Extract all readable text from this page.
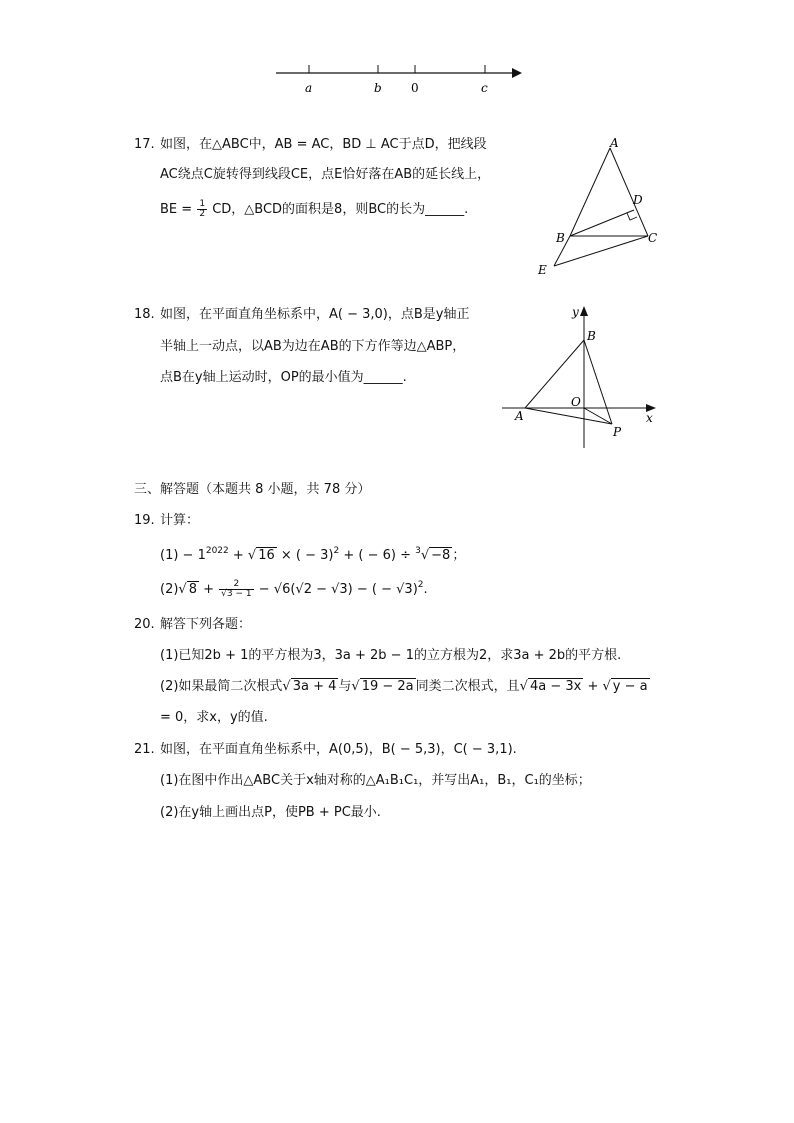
a	b 0	c
17. 如图，在△ABC中，AB = AC，BD ⊥ AC于点D，把线段
AC绕点C旋转得到线段CE，点E恰好落在AB的延长线上，
BE = $\frac{1}{2}$ CD，△BCD的面积是8，则BC的长为______.
A
B	C
D
E
18. 如图，在平面直角坐标系中，A( − 3,0)，点B是y轴正
半轴上一动点，以AB为边在AB的下方作等边△ABP，
点B在y轴上运动时，OP的最小值为______.
y
x
B
O
A
P
三、解答题（本题共 8 小题，共 78 分）
19. 计算：
$(1) - 1^{2022}$ + √ 16 × ( − 3)$^2$ + ( − 6) ÷ $^3$√ −8 ；
(2)√ $8 + \frac{2}{√3 - 1} - √6(√2 - √3)$ − ( − √3)$^2$.
20. 解答下列各题：
(1)已知2b + 1的平方根为3，3a + 2b − 1的立方根为2，求3a + 2b的平方根.
(2)如果最简二次根式√ 3a + 4 与√ 19 − 2a 同类二次根式，且√ 4a − 3x + √ y − a
= 0，求x，y的值.
21. 如图，在平面直角坐标系中，A(0,5)，B( − 5,3)，C( − 3,1).
(1)在图中作出△ABC关于x轴对称的△A₁B₁C₁，并写出A₁，B₁，C₁的坐标；
(2)在y轴上画出点P，使PB + PC最小.
